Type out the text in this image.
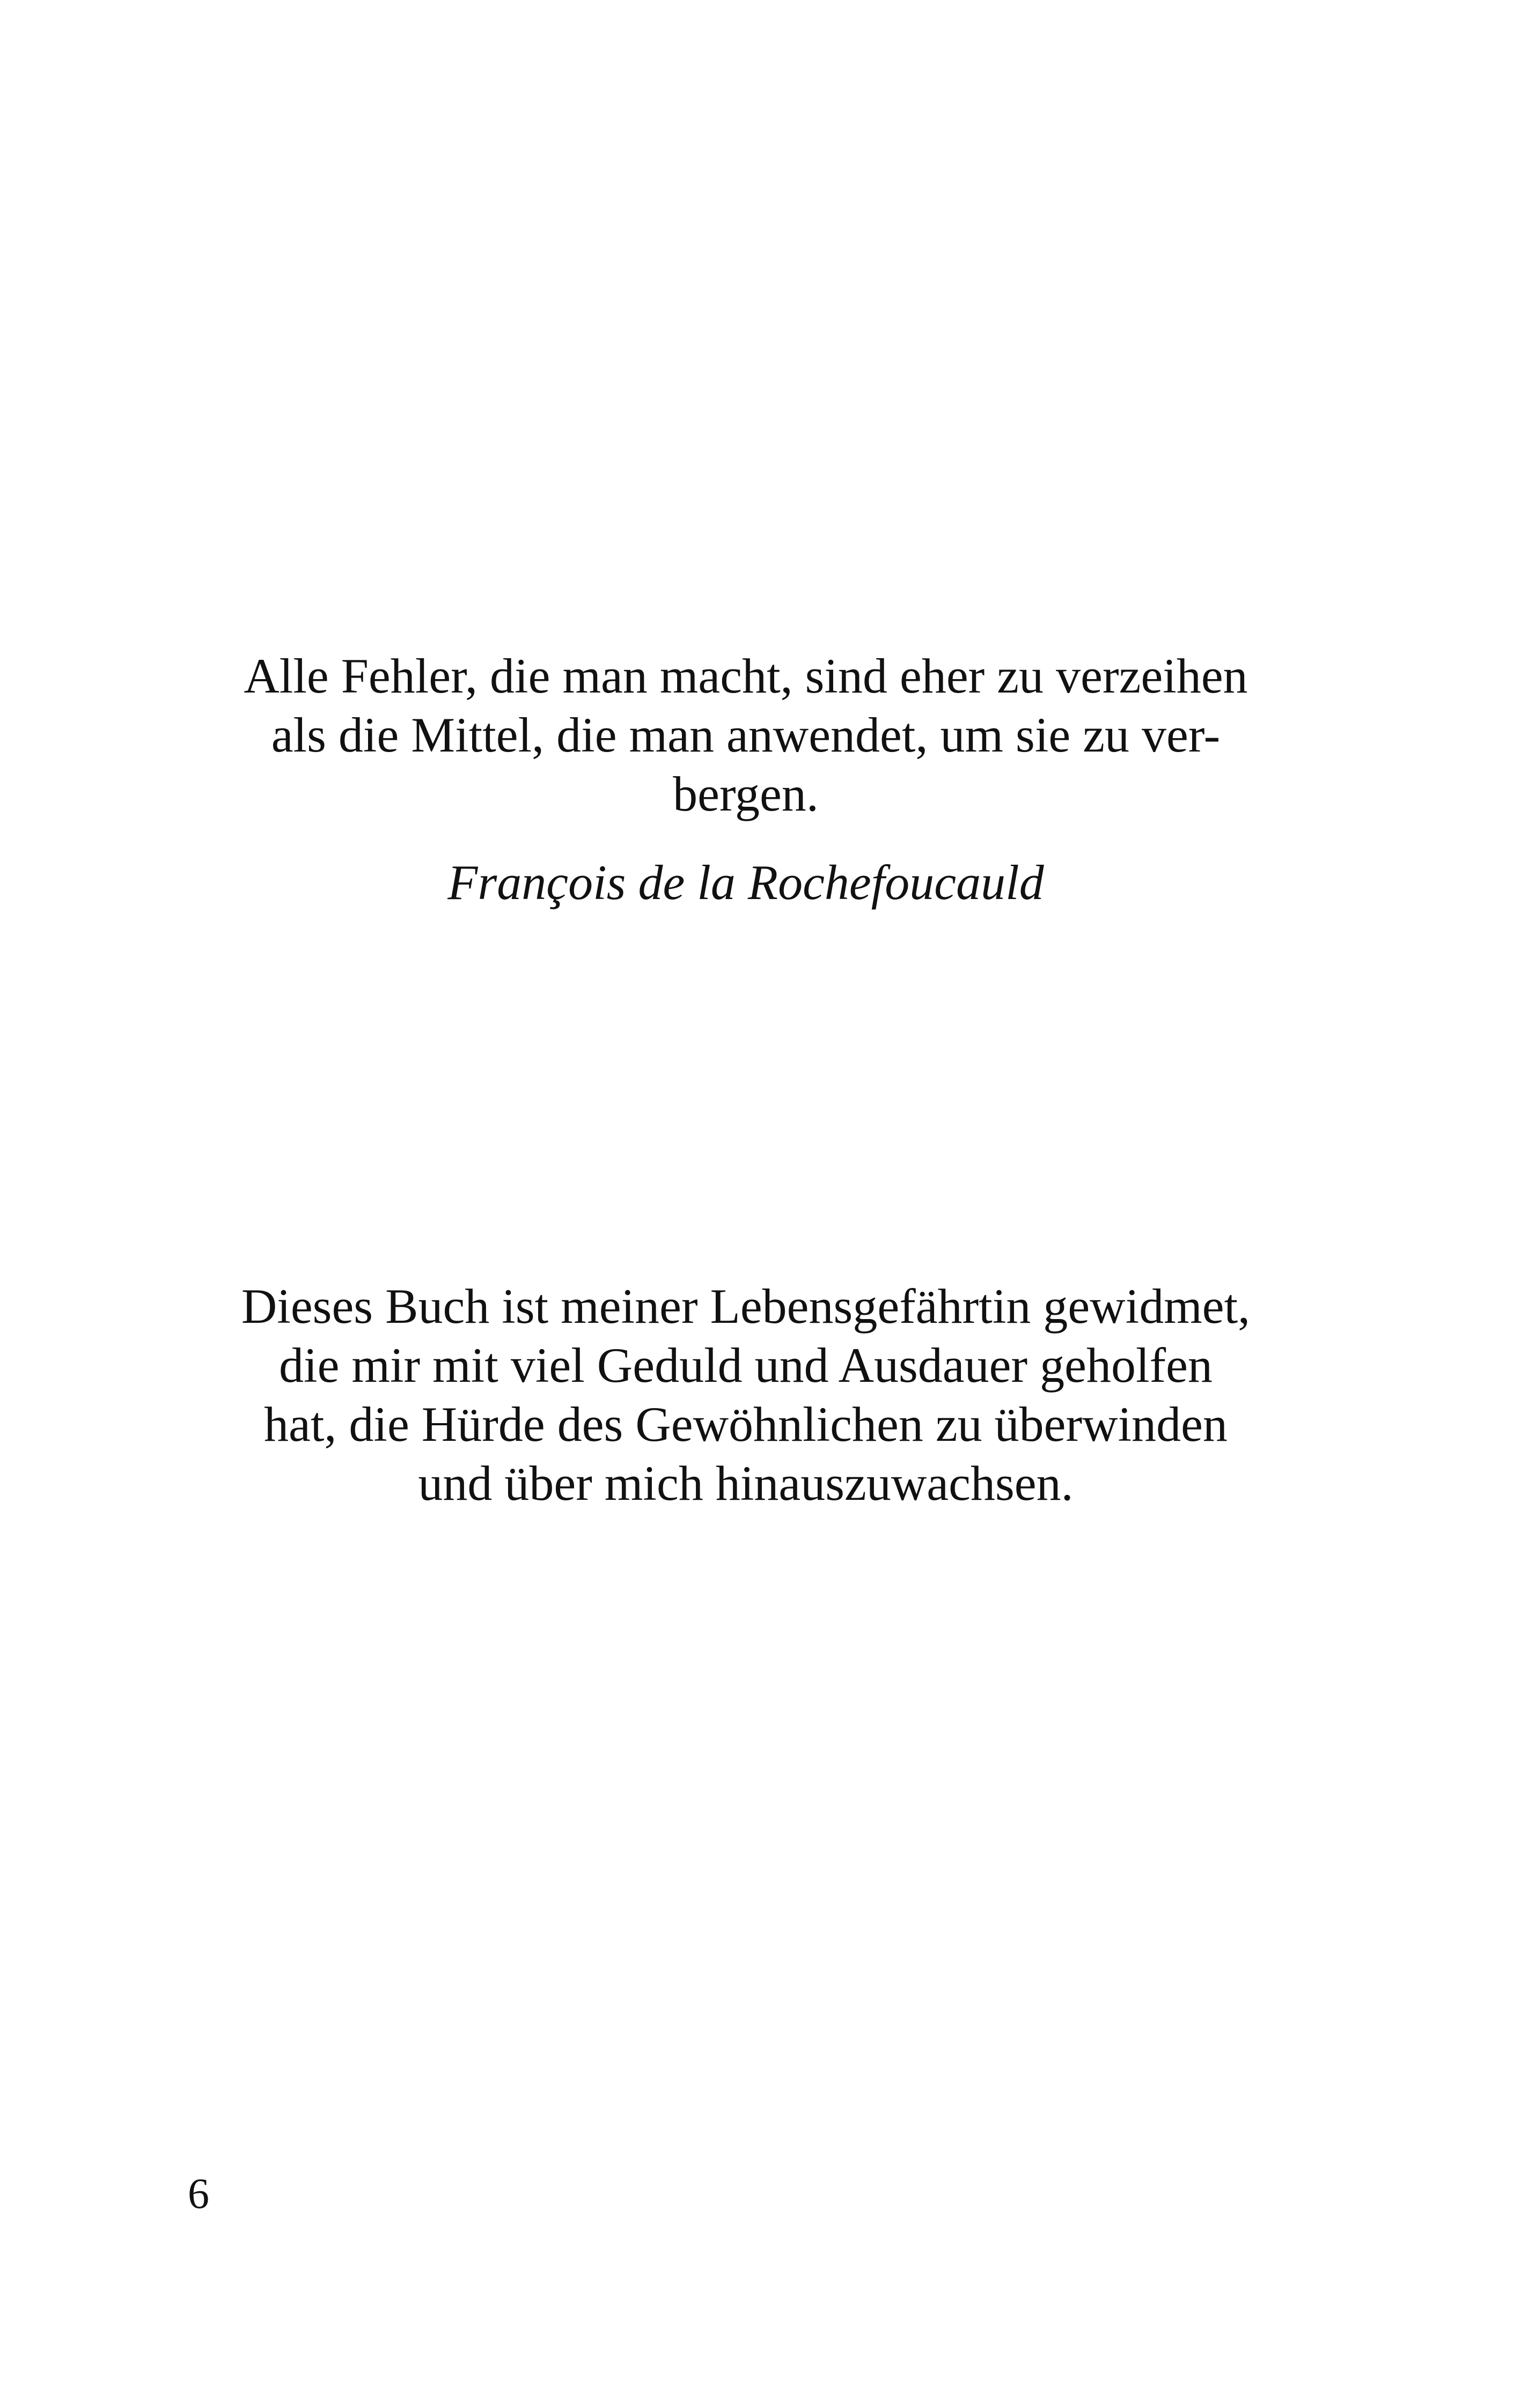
Alle Fehler, die man macht, sind eher zu verzeihen
als die Mittel, die man anwendet, um sie zu ver-
bergen.
François de la Rochefoucauld
Dieses Buch ist meiner Lebensgefährtin gewidmet,
die mir mit viel Geduld und Ausdauer geholfen
hat, die Hürde des Gewöhnlichen zu überwinden
und über mich hinauszuwachsen.
6
